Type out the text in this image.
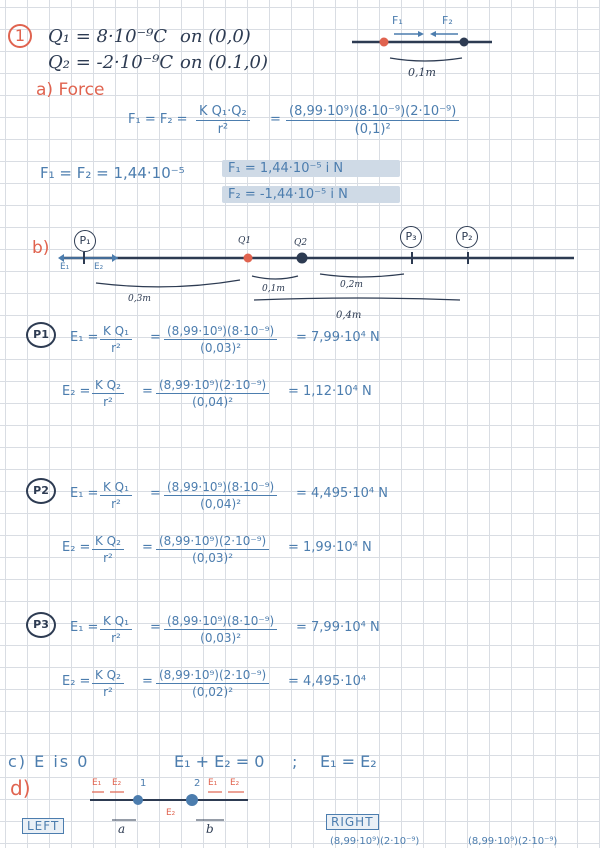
1	Q₁ = 8·10⁻⁹C on (0,0)
Q₂ = -2·10⁻⁹C on (0.1,0)
F₁	F₂
0,1m
a) Force
$F_1 = F_2 = \frac{\text{K Q₁·Q₂}}{\text{r²}} = \frac{\text{(8,99·10⁹)(8·10⁻⁹)(2·10⁻⁹)}}{\text{(0,1)²}}$
F₁ = F₂ = 1,44·10⁻⁵	F₁ = 1,44·10⁻⁵ i N
F₂ = -1,44·10⁻⁵ i N
b)	P₁	P₃	P₂
Q1	Q2
E₁	E₂
0,3m
0,1m	0,2m
0,4m
P1	$E_1 = \frac{\text{K Q₁}}{\text{r²}} = \frac{\text{(8,99·10⁹)(8·10⁻⁹)}}{\text{(0,03)²}} = 7,99\cdot 10^4$ N
$E_2 = \frac{\text{K Q₂}}{\text{r²}} = \frac{\text{(8,99·10⁹)(2·10⁻⁹)}}{\text{(0,04)²}} = 1,12\cdot 10^4$ N
P2	$E_1 = \frac{\text{K Q₁}}{\text{r²}} = \frac{\text{(8,99·10⁹)(8·10⁻⁹)}}{\text{(0,04)²}} = 4,495\cdot 10^4$ N
$E_2 = \frac{\text{K Q₂}}{\text{r²}} = \frac{\text{(8,99·10⁹)(2·10⁻⁹)}}{\text{(0,03)²}} = 1,99\cdot 10^4$ N
P3	$E_1 = \frac{\text{K Q₁}}{\text{r²}} = \frac{\text{(8,99·10⁹)(8·10⁻⁹)}}{\text{(0,03)²}} = 7,99\cdot 10^4$ N
$E_2 = \frac{\text{K Q₂}}{\text{r²}} = \frac{\text{(8,99·10⁹)(2·10⁻⁹)}}{\text{(0,02)²}} = 4,495\cdot 10^4$
c) E is 0	E₁ + E₂ = 0 ; E₁ = E₂
d)	1	2
E₁ E₂	E₁ E₂
E₂
a	b
LEFT	RIGHT
(8,99·10⁹)(2·10⁻⁹)	(8,99·10⁹)(2·10⁻⁹)
